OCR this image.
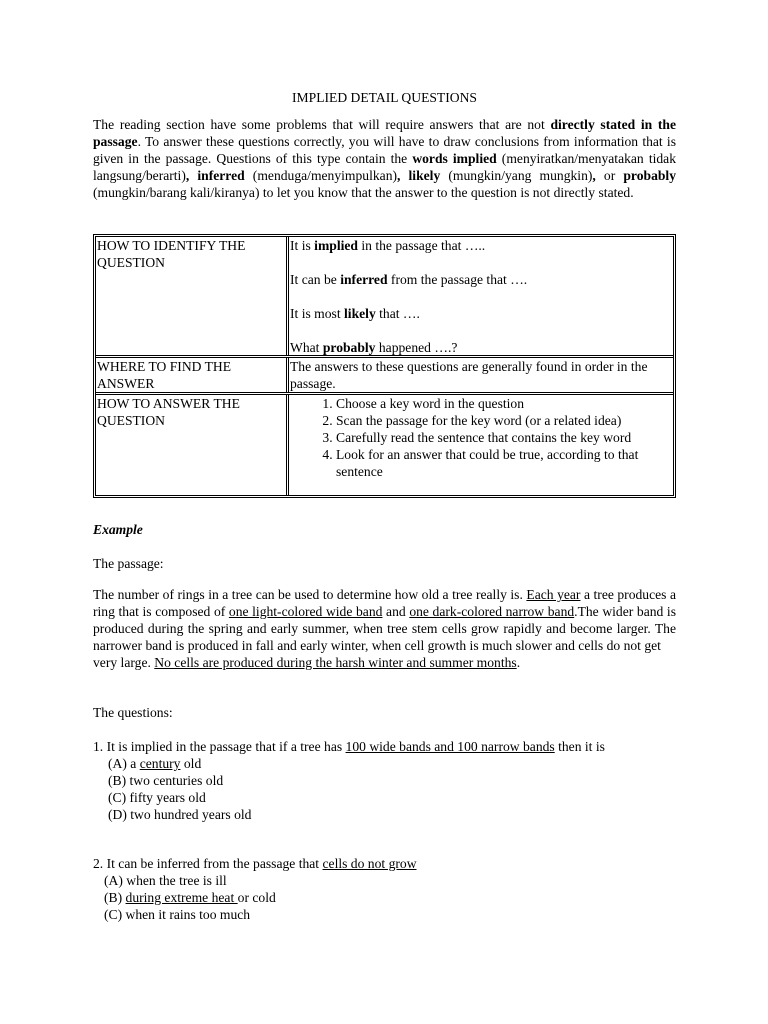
IMPLIED DETAIL QUESTIONS

The reading section have some problems that will require answers that are not directly stated in the passage. To answer these questions correctly, you will have to draw conclusions from information that is given in the passage. Questions of this type contain the words implied (menyiratkan/menyatakan tidak langsung/berarti), inferred (menduga/menyimpulkan), likely (mungkin/yang mungkin), or probably (mungkin/barang kali/kiranya) to let you know that the answer to the question is not directly stated.

HOW TO IDENTIFY THE QUESTION
It is implied in the passage that …..
It can be inferred from the passage that ….
It is most likely that ….
What probably happened ….?
WHERE TO FIND THE ANSWER
The answers to these questions are generally found in order in the passage.
HOW TO ANSWER THE QUESTION
1. Choose a key word in the question
2. Scan the passage for the key word (or a related idea)
3. Carefully read the sentence that contains the key word
4. Look for an answer that could be true, according to that sentence
Example
The passage:

The number of rings in a tree can be used to determine how old a tree really is. Each year a tree produces a ring that is composed of one light-colored wide band and one dark-colored narrow band.The wider band is produced during the spring and early summer, when tree stem cells grow rapidly and become larger. The narrower band is produced in fall and early winter, when cell growth is much slower and cells do not get
very large. No cells are produced during the harsh winter and summer months.

The questions:
1. It is implied in the passage that if a tree has 100 wide bands and 100 narrow bands then it is
(A) a century old
(B) two centuries old
(C) fifty years old
(D) two hundred years old
2. It can be inferred from the passage that cells do not grow
(A) when the tree is ill
(B) during extreme heat or cold
(C) when it rains too much
